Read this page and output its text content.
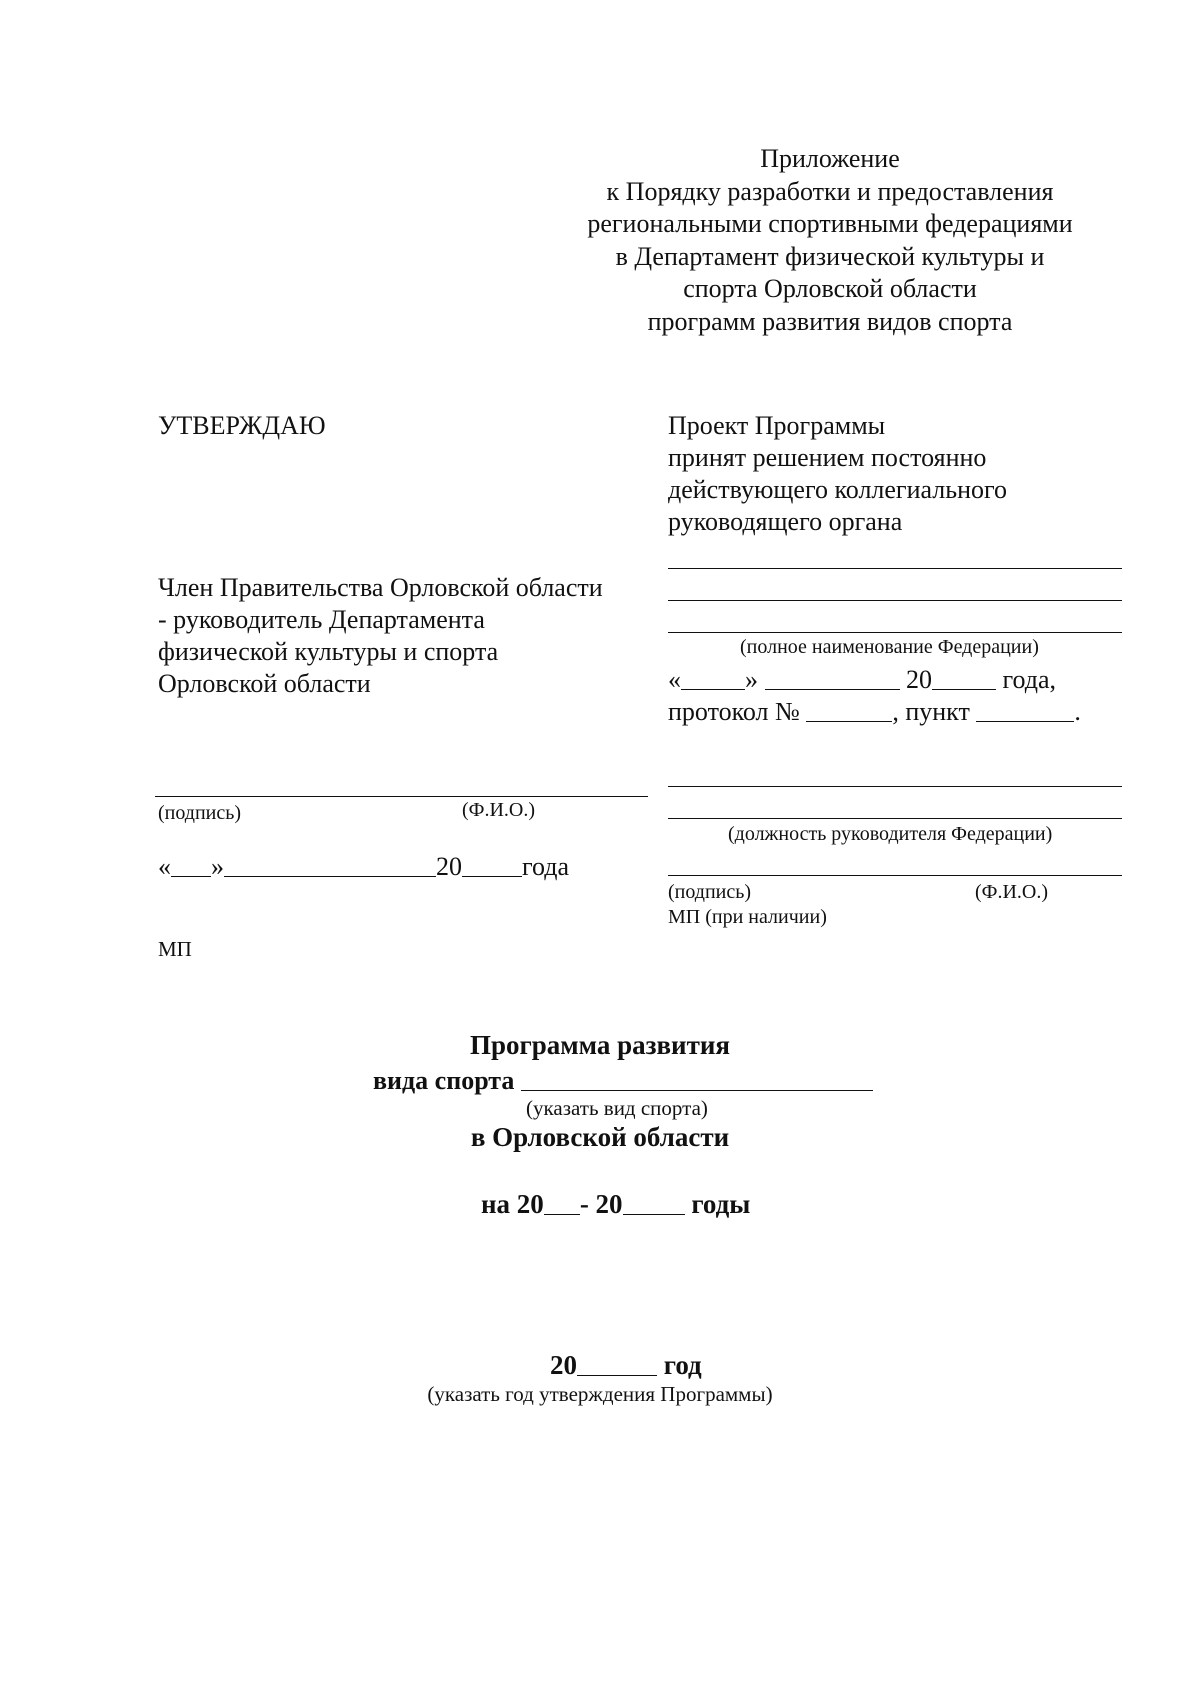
Приложение
к Порядку разработки и предоставления
региональными спортивными федерациями
в Департамент физической культуры и
спорта Орловской области
программ развития видов спорта
УТВЕРЖДАЮ
Член Правительства Орловской области
- руководитель Департамента
физической культуры и спорта
Орловской области
(подпись)	(Ф.И.О.)
« »	20 года
МП
Проект Программы
принят решением постоянно
действующего коллегиального
руководящего органа
(полное наименование Федерации)
« »	20	года,
протокол №	, пункт	.
(должность руководителя Федерации)
(подпись)	(Ф.И.О.)
МП (при наличии)
Программа развития
вида спорта
(указать вид спорта)
в Орловской области
на 20 - 20	годы
20	год
(указать год утверждения Программы)
